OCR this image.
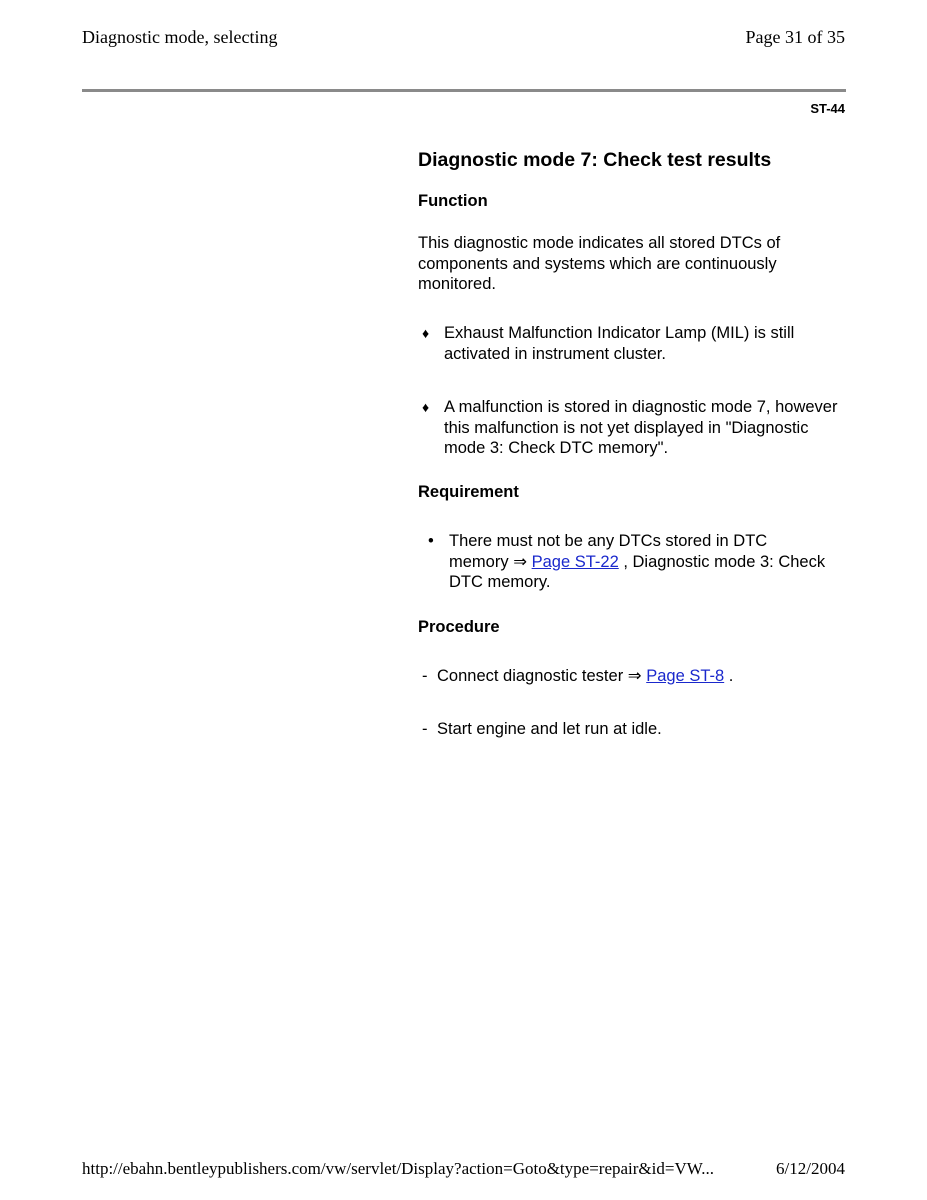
Diagnostic mode, selecting	Page 31 of 35
ST-44
Diagnostic mode 7: Check test results
Function
This diagnostic mode indicates all stored DTCs of components and systems which are continuously monitored.
♦ Exhaust Malfunction Indicator Lamp (MIL) is still activated in instrument cluster.
♦ A malfunction is stored in diagnostic mode 7, however this malfunction is not yet displayed in "Diagnostic mode 3: Check DTC memory".
Requirement
• There must not be any DTCs stored in DTC memory ⇒ Page ST-22 , Diagnostic mode 3: Check DTC memory.
Procedure
- Connect diagnostic tester ⇒ Page ST-8 .
- Start engine and let run at idle.
http://ebahn.bentleypublishers.com/vw/servlet/Display?action=Goto&type=repair&id=VW...	6/12/2004
